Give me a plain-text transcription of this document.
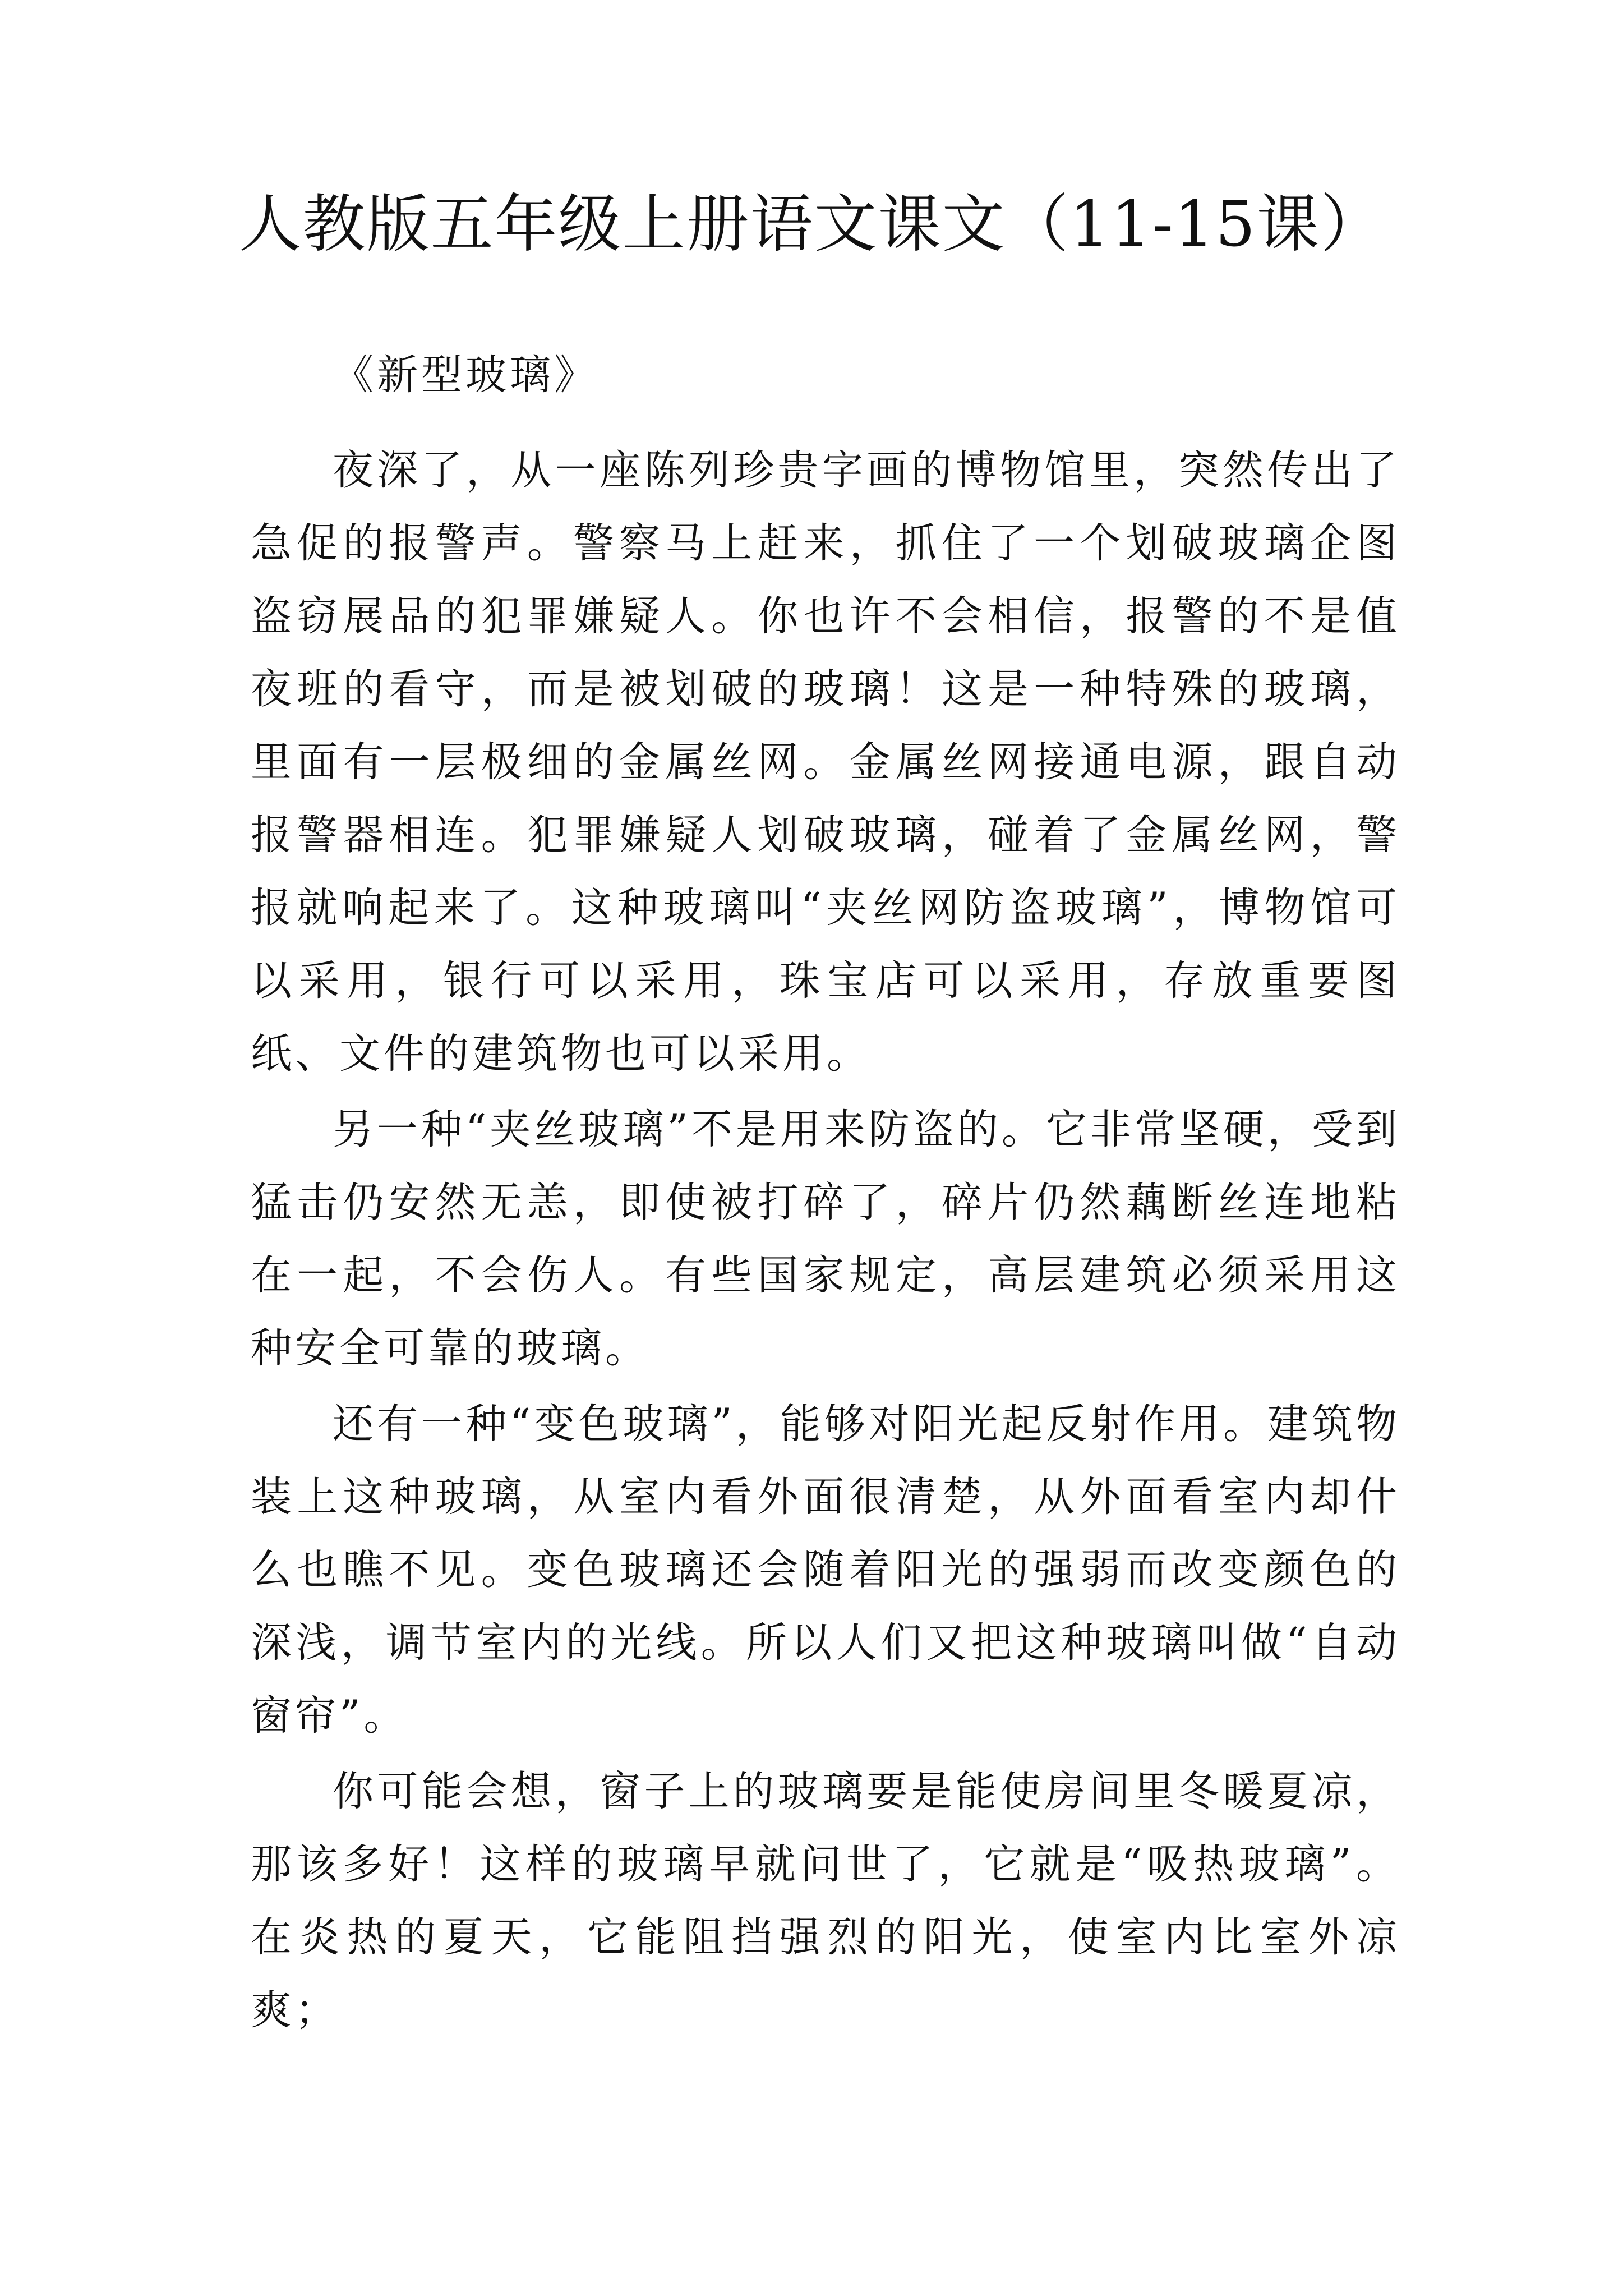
人教版五年级上册语文课文（11-15课）

《新型玻璃》

夜深了，从一座陈列珍贵字画的博物馆里，突然传出了急促的报警声。警察马上赶来，抓住了一个划破玻璃企图盗窃展品的犯罪嫌疑人。你也许不会相信，报警的不是值夜班的看守，而是被划破的玻璃！这是一种特殊的玻璃，里面有一层极细的金属丝网。金属丝网接通电源，跟自动报警器相连。犯罪嫌疑人划破玻璃，碰着了金属丝网，警报就响起来了。这种玻璃叫“夹丝网防盗玻璃”，博物馆可以采用，银行可以采用，珠宝店可以采用，存放重要图纸、文件的建筑物也可以采用。

另一种“夹丝玻璃”不是用来防盗的。它非常坚硬，受到猛击仍安然无恙，即使被打碎了，碎片仍然藕断丝连地粘在一起，不会伤人。有些国家规定，高层建筑必须采用这种安全可靠的玻璃。

还有一种“变色玻璃”，能够对阳光起反射作用。建筑物装上这种玻璃，从室内看外面很清楚，从外面看室内却什么也瞧不见。变色玻璃还会随着阳光的强弱而改变颜色的深浅，调节室内的光线。所以人们又把这种玻璃叫做“自动窗帘”。

你可能会想，窗子上的玻璃要是能使房间里冬暖夏凉，那该多好！这样的玻璃早就问世了，它就是“吸热玻璃”。在炎热的夏天，它能阻挡强烈的阳光，使室内比室外凉爽；
